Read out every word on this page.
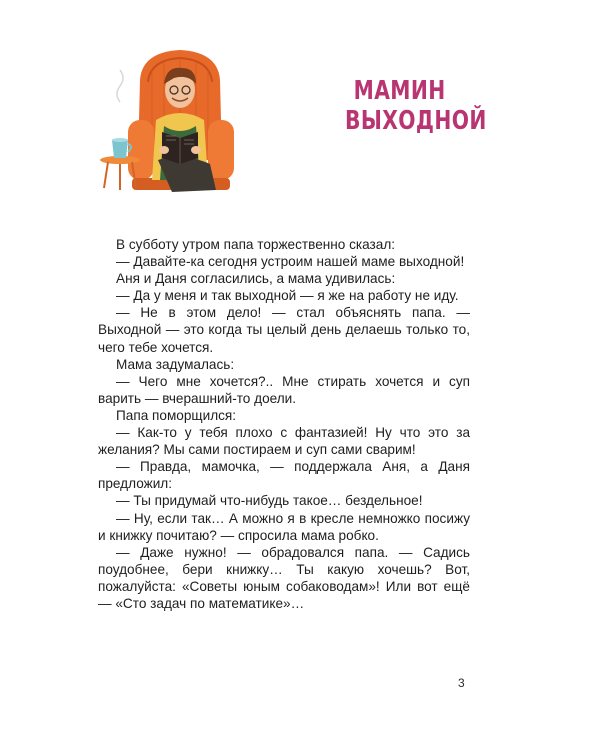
МАМИН
ВЫХОДНОЙ

В субботу утром папа торжественно сказал:

— Давайте-ка сегодня устроим нашей маме выходной!

Аня и Даня согласились, а мама удивилась:

— Да у меня и так выходной — я же на работу не иду.

— Не в этом дело! — стал объяснять папа. — Выходной — это когда ты целый день делаешь только то, чего тебе хочется.

Мама задумалась:

— Чего мне хочется?.. Мне стирать хочется и суп варить — вчерашний-то доели.

Папа поморщился:

— Как-то у тебя плохо с фантазией! Ну что это за желания? Мы сами постираем и суп сами сварим!

— Правда, мамочка, — поддержала Аня, а Даня предложил:

— Ты придумай что-нибудь такое… бездельное!

— Ну, если так… А можно я в кресле немножко посижу и книжку почитаю? — спросила мама робко.

— Даже нужно! — обрадовался папа. — Садись поудобнее, бери книжку… Ты какую хочешь? Вот, пожалуйста: «Советы юным собаководам»! Или вот ещё — «Сто задач по математике»…

3
